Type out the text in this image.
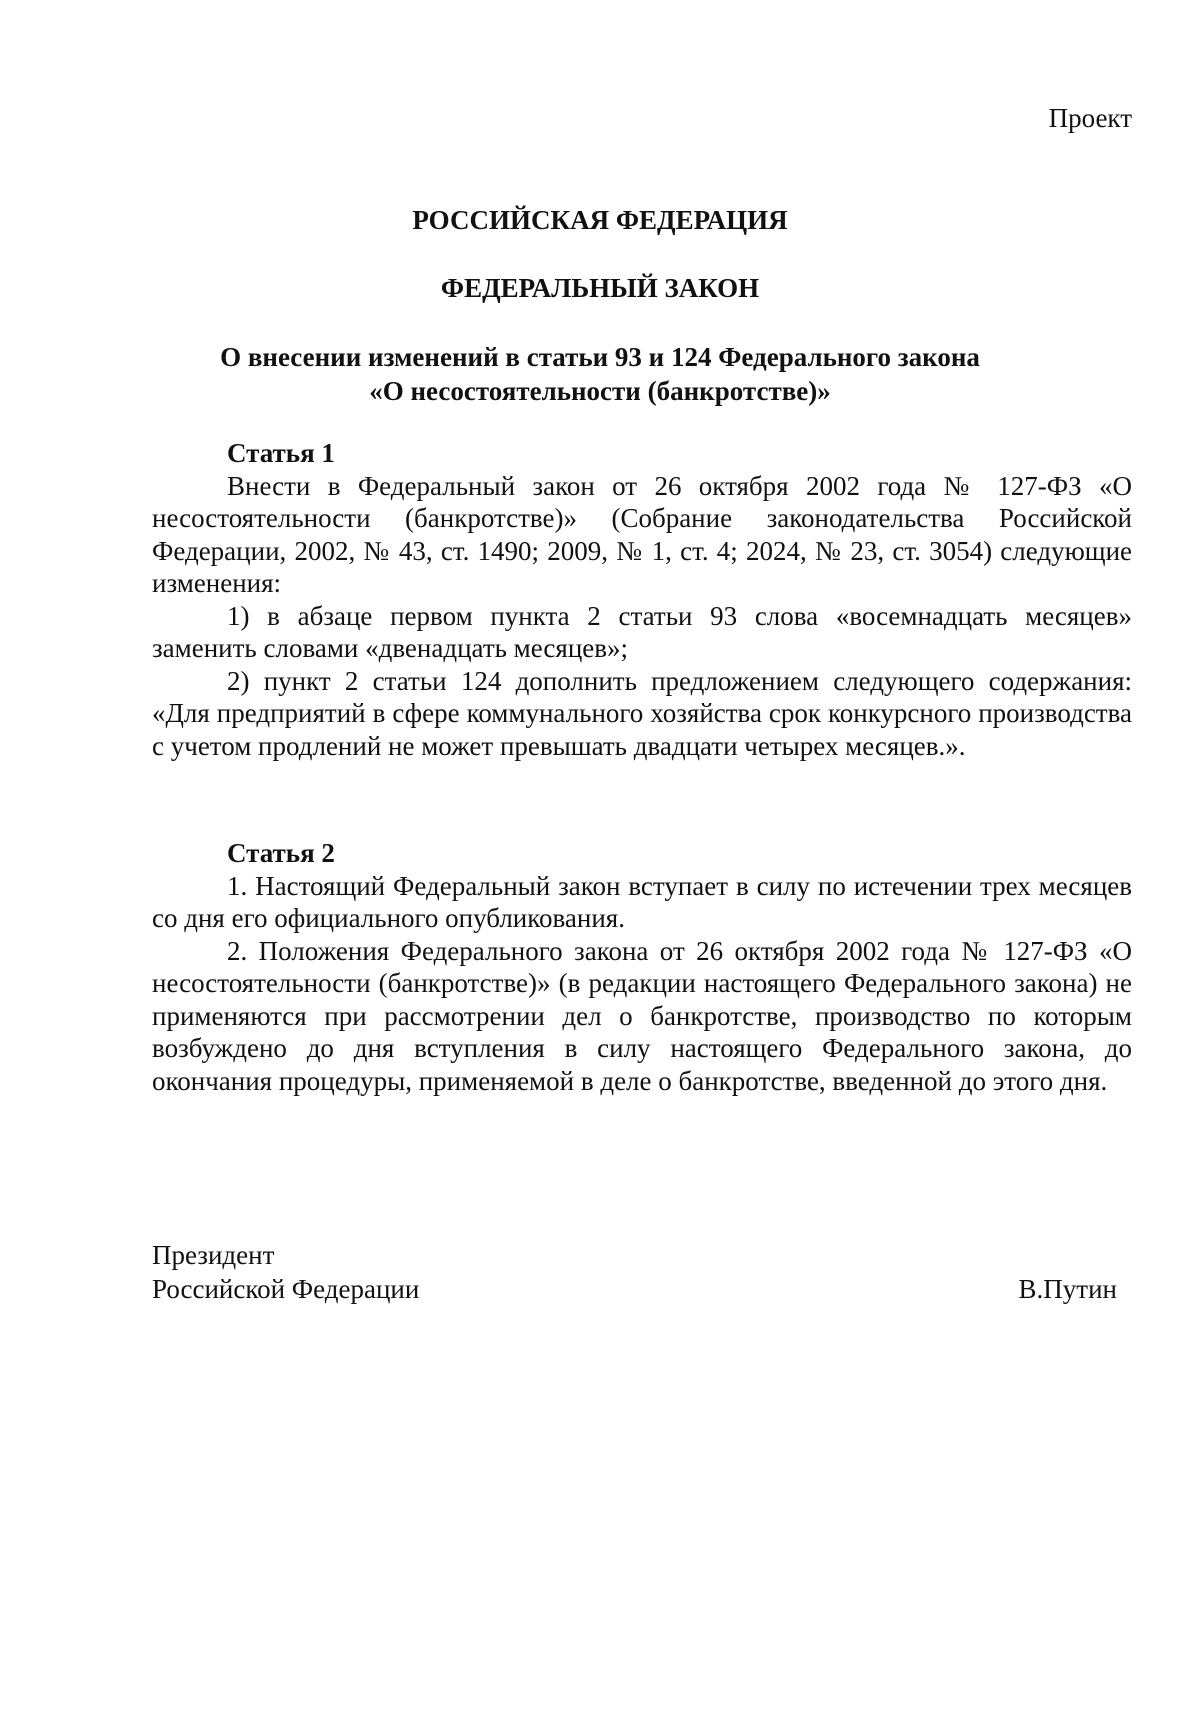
Проект
РОССИЙСКАЯ ФЕДЕРАЦИЯ
ФЕДЕРАЛЬНЫЙ ЗАКОН
О внесении изменений в статьи 93 и 124 Федерального закона
«О несостоятельности (банкротстве)»

Статья 1

Внести в Федеральный закон от 26 октября 2002 года № 127-ФЗ «О несостоятельности (банкротстве)» (Собрание законодательства Российской Федерации, 2002, № 43, ст. 1490; 2009, № 1, ст. 4; 2024, № 23, ст. 3054) следующие изменения:

1) в абзаце первом пункта 2 статьи 93 слова «восемнадцать месяцев» заменить словами «двенадцать месяцев»;

2) пункт 2 статьи 124 дополнить предложением следующего содержания: «Для предприятий в сфере коммунального хозяйства срок конкурсного производства с учетом продлений не может превышать двадцати четырех месяцев.».

Статья 2

1. Настоящий Федеральный закон вступает в силу по истечении трех месяцев со дня его официального опубликования.

2. Положения Федерального закона от 26 октября 2002 года № 127-ФЗ «О несостоятельности (банкротстве)» (в редакции настоящего Федерального закона) не применяются при рассмотрении дел о банкротстве, производство по которым возбуждено до дня вступления в силу настоящего Федерального закона, до окончания процедуры, применяемой в деле о банкротстве, введенной до этого дня.

Президент
Российской Федерации	В.Путин
